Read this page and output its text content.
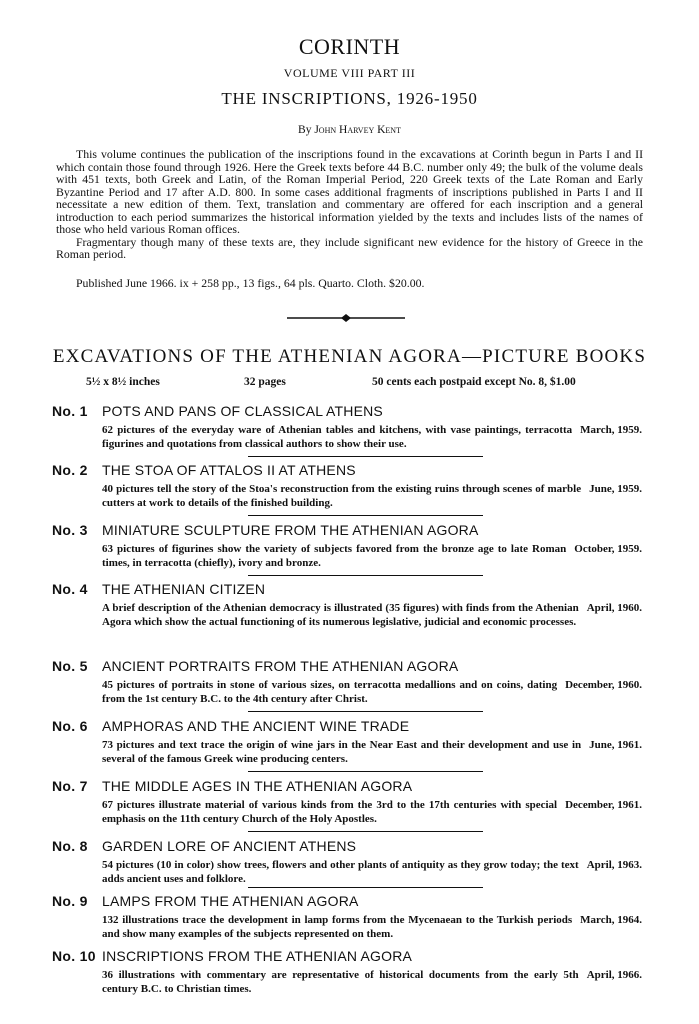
CORINTH
VOLUME VIII PART III
THE INSCRIPTIONS, 1926-1950
By John Harvey Kent

This volume continues the publication of the inscriptions found in the excavations at Corinth begun in Parts I and II which contain those found through 1926. Here the Greek texts before 44 B.C. number only 49; the bulk of the volume deals with 451 texts, both Greek and Latin, of the Roman Imperial Period, 220 Greek texts of the Late Roman and Early Byzantine Period and 17 after A.D. 800. In some cases additional fragments of inscriptions published in Parts I and II necessitate a new edition of them. Text, translation and commentary are offered for each inscription and a general introduction to each period summarizes the historical information yielded by the texts and includes lists of the names of those who held various Roman offices.

Fragmentary though many of these texts are, they include significant new evidence for the history of Greece in the Roman period.

Published June 1966. ix + 258 pp., 13 figs., 64 pls. Quarto. Cloth. $20.00.
EXCAVATIONS OF THE ATHENIAN AGORA—PICTURE BOOKS
5½ x 8½ inches	32 pages	50 cents each postpaid except No. 8, $1.00
No. 1 POTS AND PANS OF CLASSICAL ATHENS
March, 1959.
62 pictures of the everyday ware of Athenian tables and kitchens, with vase paintings, terracotta figurines and quotations from classical authors to show their use.
No. 2 THE STOA OF ATTALOS II AT ATHENS
June, 1959.
40 pictures tell the story of the Stoa's reconstruction from the existing ruins through scenes of marble cutters at work to details of the finished building.
No. 3 MINIATURE SCULPTURE FROM THE ATHENIAN AGORA
October, 1959.
63 pictures of figurines show the variety of subjects favored from the bronze age to late Roman times, in terracotta (chiefly), ivory and bronze.
No. 4 THE ATHENIAN CITIZEN
April, 1960.
A brief description of the Athenian democracy is illustrated (35 figures) with finds from the Athenian Agora which show the actual functioning of its numerous legislative, judicial and economic processes.
No. 5 ANCIENT PORTRAITS FROM THE ATHENIAN AGORA
December, 1960.
45 pictures of portraits in stone of various sizes, on terracotta medallions and on coins, dating from the 1st century B.C. to the 4th century after Christ.
No. 6 AMPHORAS AND THE ANCIENT WINE TRADE
June, 1961.
73 pictures and text trace the origin of wine jars in the Near East and their development and use in several of the famous Greek wine producing centers.
No. 7 THE MIDDLE AGES IN THE ATHENIAN AGORA
December, 1961.
67 pictures illustrate material of various kinds from the 3rd to the 17th centuries with special emphasis on the 11th century Church of the Holy Apostles.
No. 8 GARDEN LORE OF ANCIENT ATHENS
April, 1963.
54 pictures (10 in color) show trees, flowers and other plants of antiquity as they grow today; the text adds ancient uses and folklore.
No. 9 LAMPS FROM THE ATHENIAN AGORA
March, 1964.
132 illustrations trace the development in lamp forms from the Mycenaean to the Turkish periods and show many examples of the subjects represented on them.
No. 10 INSCRIPTIONS FROM THE ATHENIAN AGORA
April, 1966.
36 illustrations with commentary are representative of historical documents from the early 5th century B.C. to Christian times.
